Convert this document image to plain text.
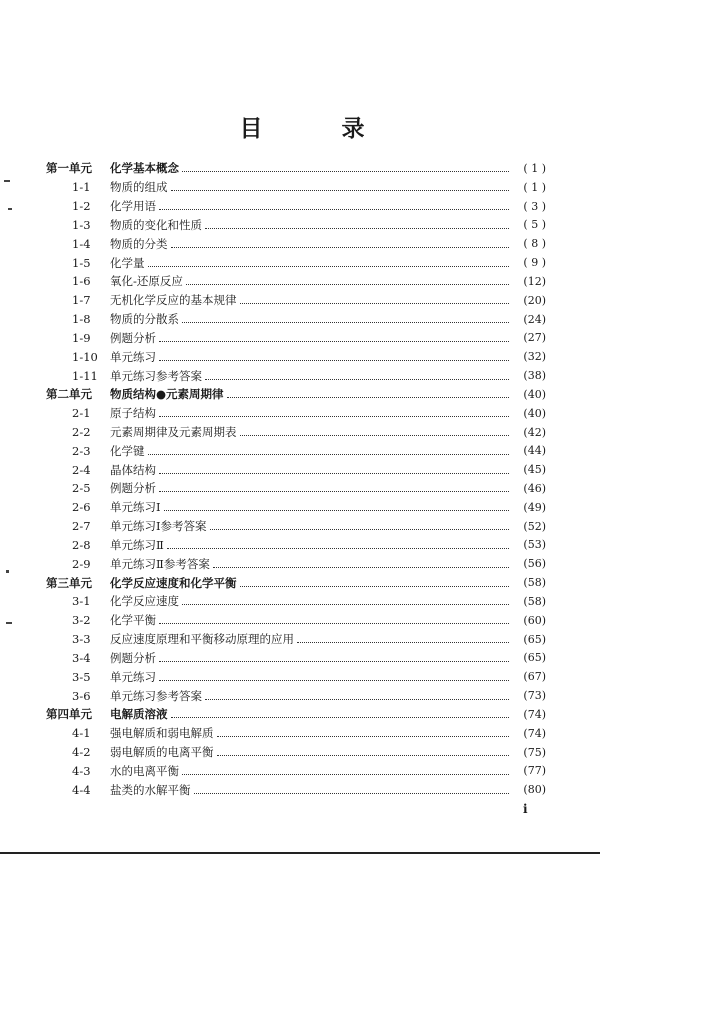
目　录
第一单元	化学基本概念	( 1 )
1-1	物质的组成	( 1 )
1-2	化学用语	( 3 )
1-3	物质的变化和性质	( 5 )
1-4	物质的分类	( 8 )
1-5	化学量	( 9 )
1-6	氧化-还原反应	(12)
1-7	无机化学反应的基本规律	(20)
1-8	物质的分散系	(24)
1-9	例题分析	(27)
1-10	单元练习	(32)
1-11	单元练习参考答案	(38)
第二单元	物质结构●元素周期律	(40)
2-1	原子结构	(40)
2-2	元素周期律及元素周期表	(42)
2-3	化学键	(44)
2-4	晶体结构	(45)
2-5	例题分析	(46)
2-6	单元练习Ⅰ	(49)
2-7	单元练习Ⅰ参考答案	(52)
2-8	单元练习Ⅱ	(53)
2-9	单元练习Ⅱ参考答案	(56)
第三单元	化学反应速度和化学平衡	(58)
3-1	化学反应速度	(58)
3-2	化学平衡	(60)
3-3	反应速度原理和平衡移动原理的应用	(65)
3-4	例题分析	(65)
3-5	单元练习	(67)
3-6	单元练习参考答案	(73)
第四单元	电解质溶液	(74)
4-1	强电解质和弱电解质	(74)
4-2	弱电解质的电离平衡	(75)
4-3	水的电离平衡	(77)
4-4	盐类的水解平衡	(80)
i
